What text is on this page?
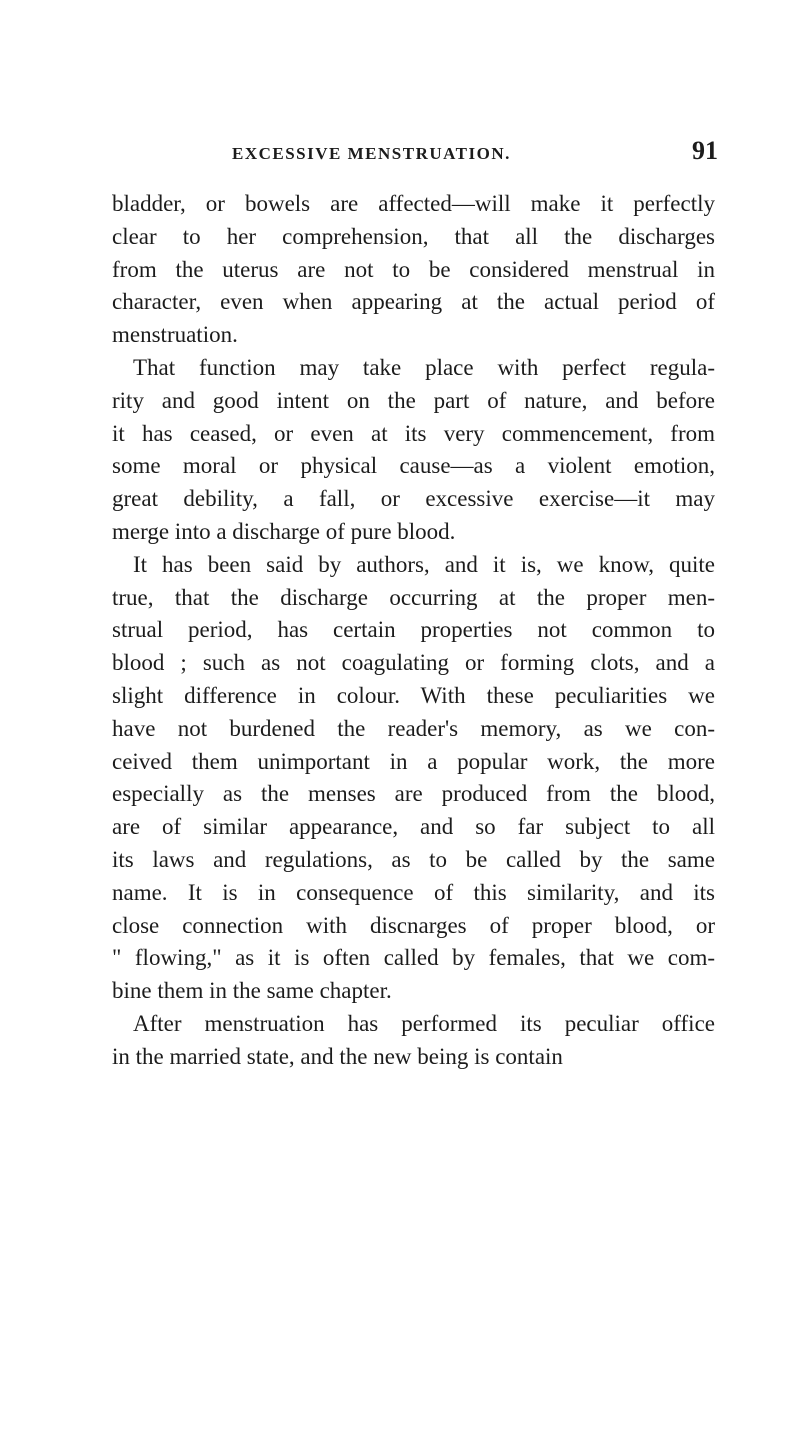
EXCESSIVE MENSTRUATION.	91
bladder, or bowels are affected—will make it perfectly
clear to her comprehension, that all the discharges
from the uterus are not to be considered menstrual in
character, even when appearing at the actual period of
menstruation.
That function may take place with perfect regula-
rity and good intent on the part of nature, and before
it has ceased, or even at its very commencement, from
some moral or physical cause—as a violent emotion,
great debility, a fall, or excessive exercise—it may
merge into a discharge of pure blood.
It has been said by authors, and it is, we know, quite
true, that the discharge occurring at the proper men-
strual period, has certain properties not common to
blood ; such as not coagulating or forming clots, and a
slight difference in colour. With these peculiarities we
have not burdened the reader's memory, as we con-
ceived them unimportant in a popular work, the more
especially as the menses are produced from the blood,
are of similar appearance, and so far subject to all
its laws and regulations, as to be called by the same
name. It is in consequence of this similarity, and its
close connection with discnarges of proper blood, or
" flowing," as it is often called by females, that we com-
bine them in the same chapter.
After menstruation has performed its peculiar office
in the married state, and the new being is contain
